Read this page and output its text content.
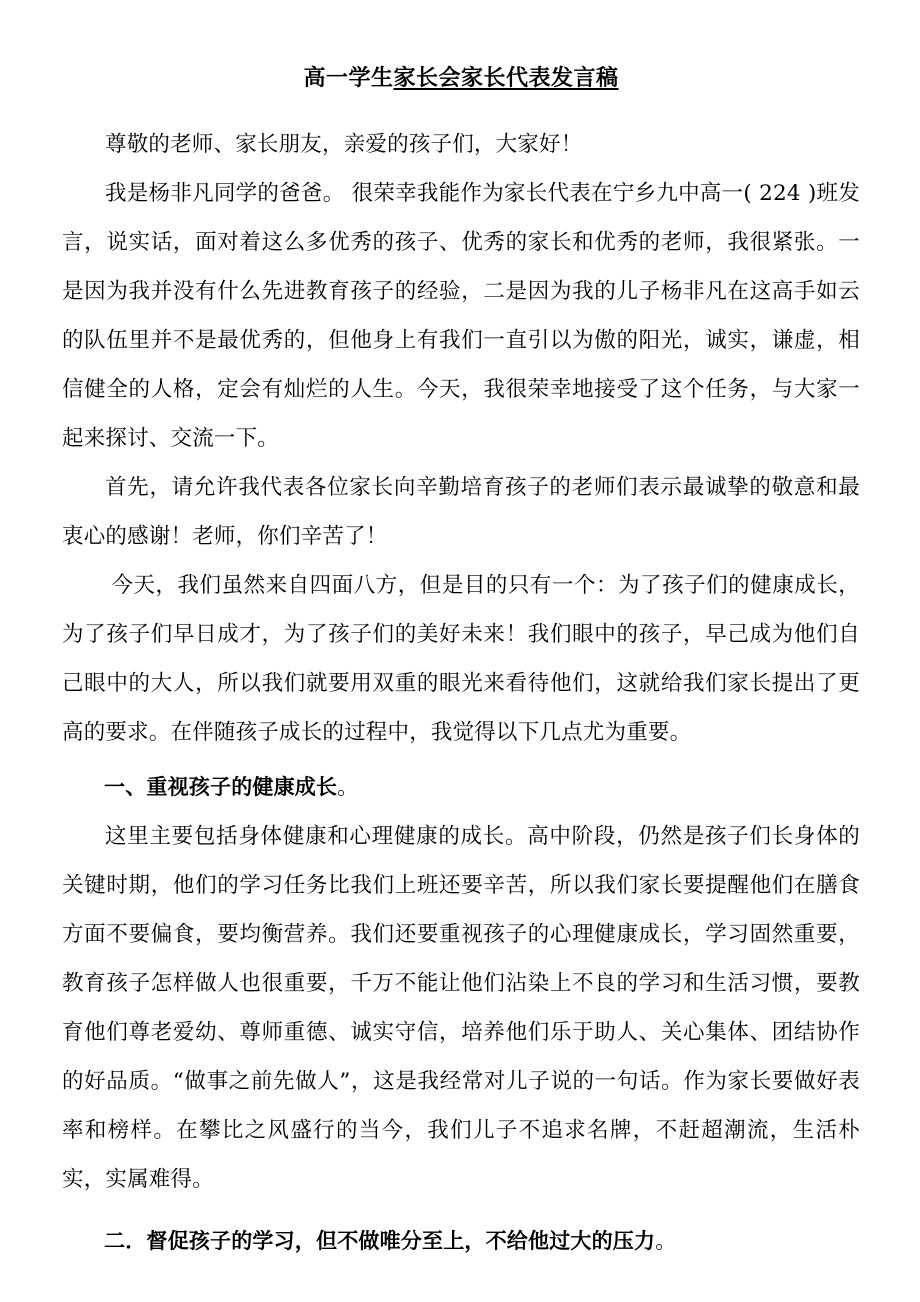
高一学生家长会家长代表发言稿

尊敬的老师、家长朋友，亲爱的孩子们，大家好！

我是杨非凡同学的爸爸。 很荣幸我能作为家长代表在宁乡九中高一( 224 )班发言，说实话，面对着这么多优秀的孩子、优秀的家长和优秀的老师，我很紧张。一是因为我并没有什么先进教育孩子的经验，二是因为我的儿子杨非凡在这高手如云的队伍里并不是最优秀的，但他身上有我们一直引以为傲的阳光，诚实，谦虚，相信健全的人格，定会有灿烂的人生。今天，我很荣幸地接受了这个任务，与大家一起来探讨、交流一下。

首先，请允许我代表各位家长向辛勤培育孩子的老师们表示最诚挚的敬意和最衷心的感谢！老师，你们辛苦了！

今天，我们虽然来自四面八方，但是目的只有一个：为了孩子们的健康成长，为了孩子们早日成才，为了孩子们的美好未来！我们眼中的孩子，早己成为他们自己眼中的大人，所以我们就要用双重的眼光来看待他们，这就给我们家长提出了更高的要求。在伴随孩子成长的过程中，我觉得以下几点尤为重要。

一、重视孩子的健康成长。

这里主要包括身体健康和心理健康的成长。高中阶段，仍然是孩子们长身体的关键时期，他们的学习任务比我们上班还要辛苦，所以我们家长要提醒他们在膳食方面不要偏食，要均衡营养。我们还要重视孩子的心理健康成长，学习固然重要，教育孩子怎样做人也很重要，千万不能让他们沾染上不良的学习和生活习惯，要教育他们尊老爱幼、尊师重德、诚实守信，培养他们乐于助人、关心集体、团结协作的好品质。“做事之前先做人”，这是我经常对儿子说的一句话。作为家长要做好表率和榜样。在攀比之风盛行的当今，我们儿子不追求名牌，不赶超潮流，生活朴实，实属难得。

二．督促孩子的学习，但不做唯分至上，不给他过大的压力。
